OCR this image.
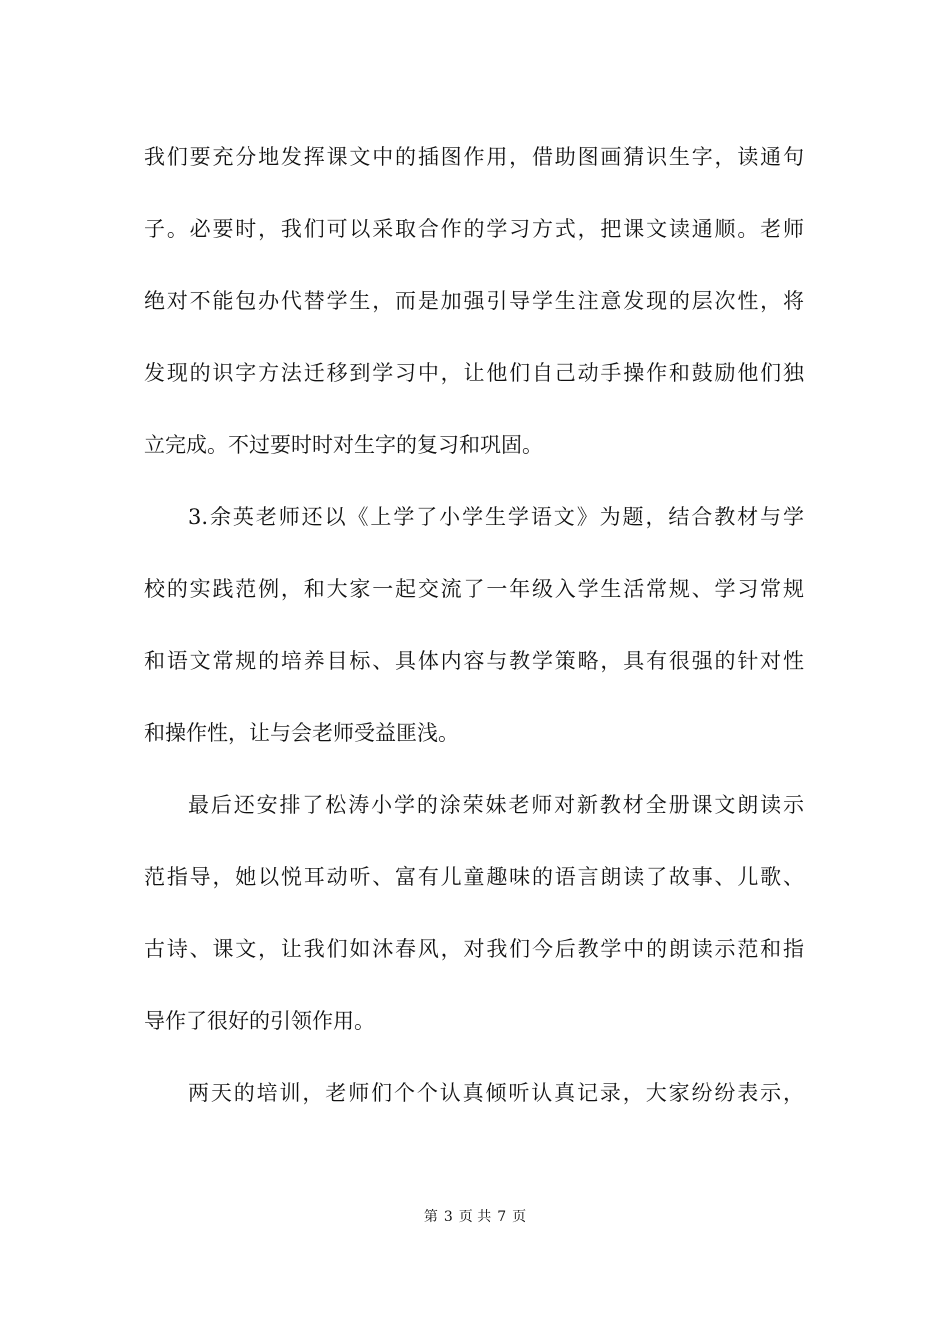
我们要充分地发挥课文中的插图作用，借助图画猜识生字，读通句
子。必要时，我们可以采取合作的学习方式，把课文读通顺。老师
绝对不能包办代替学生，而是加强引导学生注意发现的层次性，将
发现的识字方法迁移到学习中，让他们自己动手操作和鼓励他们独
立完成。不过要时时对生字的复习和巩固。
3.余英老师还以《上学了小学生学语文》为题，结合教材与学
校的实践范例，和大家一起交流了一年级入学生活常规、学习常规
和语文常规的培养目标、具体内容与教学策略，具有很强的针对性
和操作性，让与会老师受益匪浅。
最后还安排了松涛小学的涂荣妹老师对新教材全册课文朗读示
范指导，她以悦耳动听、富有儿童趣味的语言朗读了故事、儿歌、
古诗、课文，让我们如沐春风，对我们今后教学中的朗读示范和指
导作了很好的引领作用。
两天的培训，老师们个个认真倾听认真记录，大家纷纷表示，
第 3 页 共 7 页
